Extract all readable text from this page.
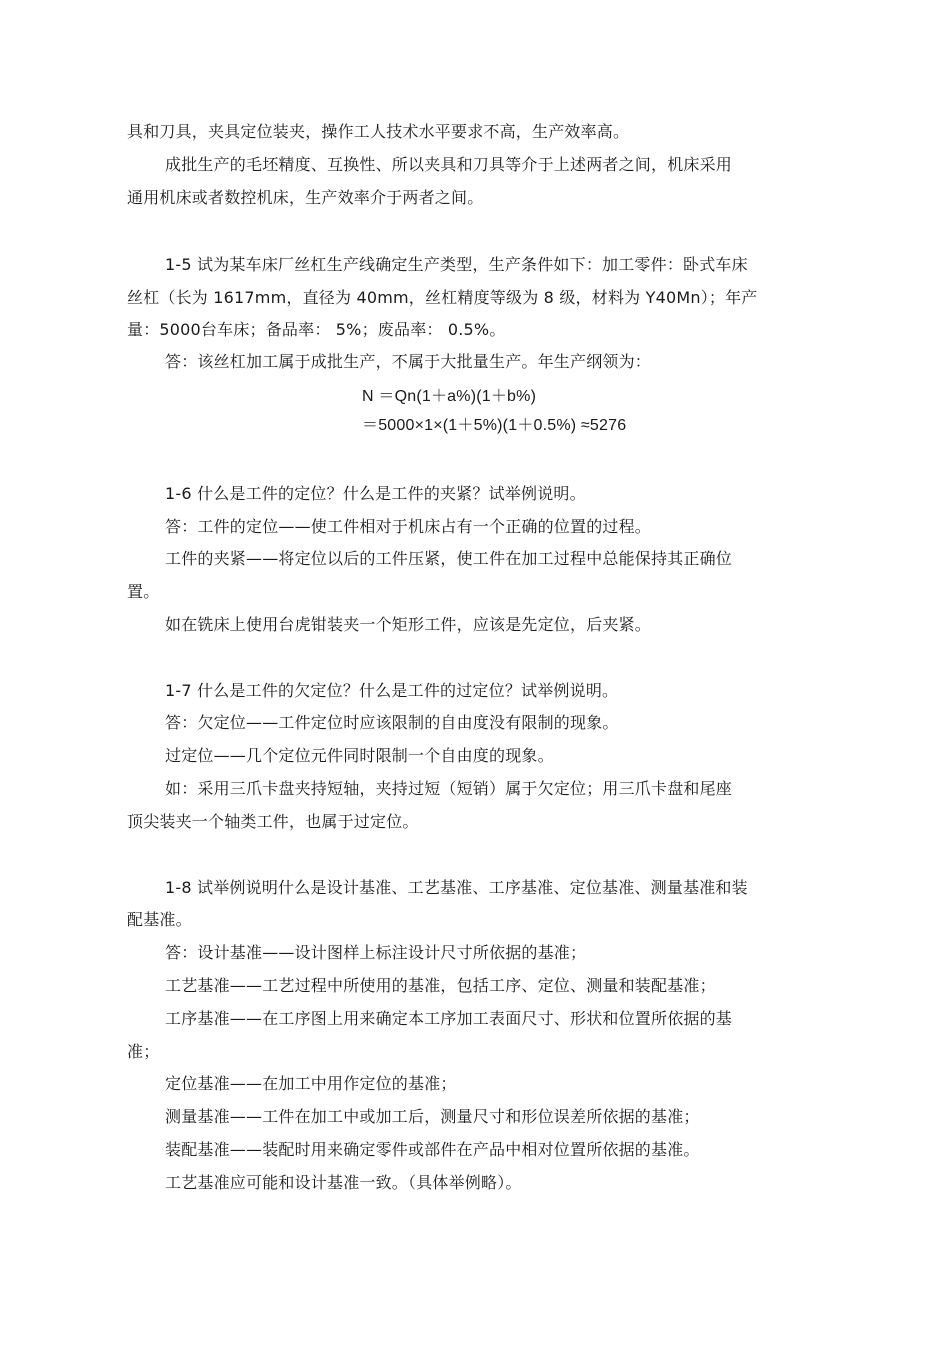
具和刀具，夹具定位装夹，操作工人技术水平要求不高，生产效率高。
成批生产的毛坯精度、互换性、所以夹具和刀具等介于上述两者之间，机床采用
通用机床或者数控机床，生产效率介于两者之间。
1-5 试为某车床厂丝杠生产线确定生产类型，生产条件如下：加工零件：卧式车床
丝杠（长为 1617mm，直径为 40mm，丝杠精度等级为 8 级，材料为 Y40Mn）；年产
量：5000台车床；备品率： 5%；废品率： 0.5%。
答：该丝杠加工属于成批生产，不属于大批量生产。年生产纲领为：
N ＝Qn(1＋a%)(1＋b%)
＝5000×1×(1＋5%)(1＋0.5%) ≈5276
1-6 什么是工件的定位？什么是工件的夹紧？试举例说明。
答：工件的定位——使工件相对于机床占有一个正确的位置的过程。
工件的夹紧——将定位以后的工件压紧，使工件在加工过程中总能保持其正确位
置。
如在铣床上使用台虎钳装夹一个矩形工件，应该是先定位，后夹紧。
1-7 什么是工件的欠定位？什么是工件的过定位？试举例说明。
答：欠定位——工件定位时应该限制的自由度没有限制的现象。
过定位——几个定位元件同时限制一个自由度的现象。
如：采用三爪卡盘夹持短轴，夹持过短（短销）属于欠定位；用三爪卡盘和尾座
顶尖装夹一个轴类工件，也属于过定位。
1-8 试举例说明什么是设计基准、工艺基准、工序基准、定位基准、测量基准和装
配基准。
答：设计基准——设计图样上标注设计尺寸所依据的基准；
工艺基准——工艺过程中所使用的基准，包括工序、定位、测量和装配基准；
工序基准——在工序图上用来确定本工序加工表面尺寸、形状和位置所依据的基
准；
定位基准——在加工中用作定位的基准；
测量基准——工件在加工中或加工后，测量尺寸和形位误差所依据的基准；
装配基准——装配时用来确定零件或部件在产品中相对位置所依据的基准。
工艺基准应可能和设计基准一致。（具体举例略）。
